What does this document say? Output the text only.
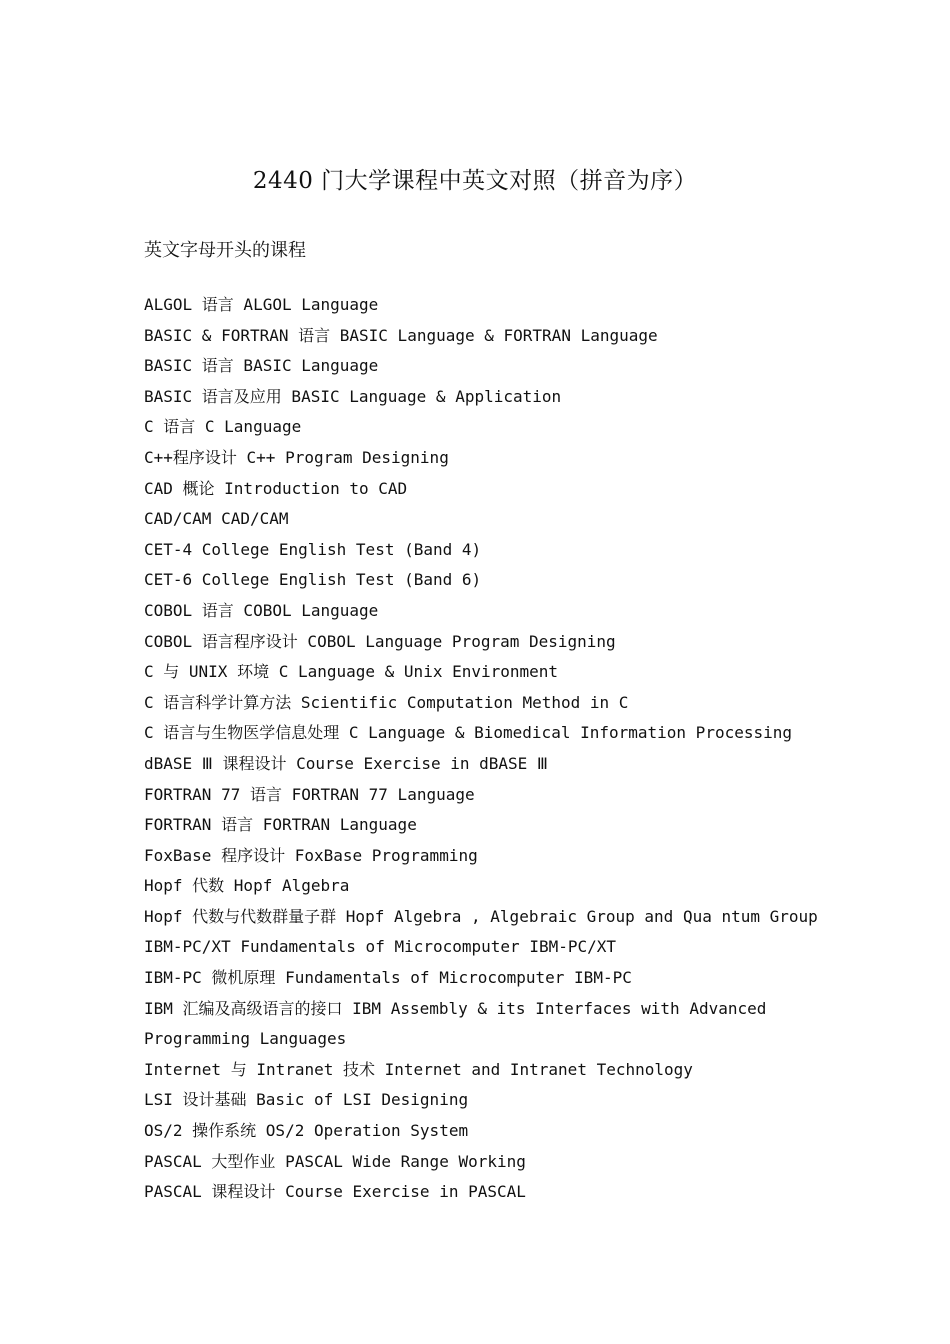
2440 门大学课程中英文对照（拼音为序）
英文字母开头的课程
ALGOL 语言 ALGOL Language
BASIC & FORTRAN 语言 BASIC Language & FORTRAN Language
BASIC 语言 BASIC Language
BASIC 语言及应用 BASIC Language & Application
C 语言 C Language
C++程序设计 C++ Program Designing
CAD 概论 Introduction to CAD
CAD/CAM CAD/CAM
CET-4 College English Test (Band 4)
CET-6 College English Test (Band 6)
COBOL 语言 COBOL Language
COBOL 语言程序设计 COBOL Language Program Designing
C 与 UNIX 环境 C Language & Unix Environment
C 语言科学计算方法 Scientific Computation Method in C
C 语言与生物医学信息处理 C Language & Biomedical Information Processing
dBASE Ⅲ 课程设计 Course Exercise in dBASE Ⅲ
FORTRAN 77 语言 FORTRAN 77 Language
FORTRAN 语言 FORTRAN Language
FoxBase 程序设计 FoxBase Programming
Hopf 代数 Hopf Algebra
Hopf 代数与代数群量子群 Hopf Algebra , Algebraic Group and Qua ntum Group
IBM-PC/XT Fundamentals of Microcomputer IBM-PC/XT
IBM-PC 微机原理 Fundamentals of Microcomputer IBM-PC
IBM 汇编及高级语言的接口 IBM Assembly & its Interfaces with Advanced
Programming Languages
Internet 与 Intranet 技术 Internet and Intranet Technology
LSI 设计基础 Basic of LSI Designing
OS/2 操作系统 OS/2 Operation System
PASCAL 大型作业 PASCAL Wide Range Working
PASCAL 课程设计 Course Exercise in PASCAL
